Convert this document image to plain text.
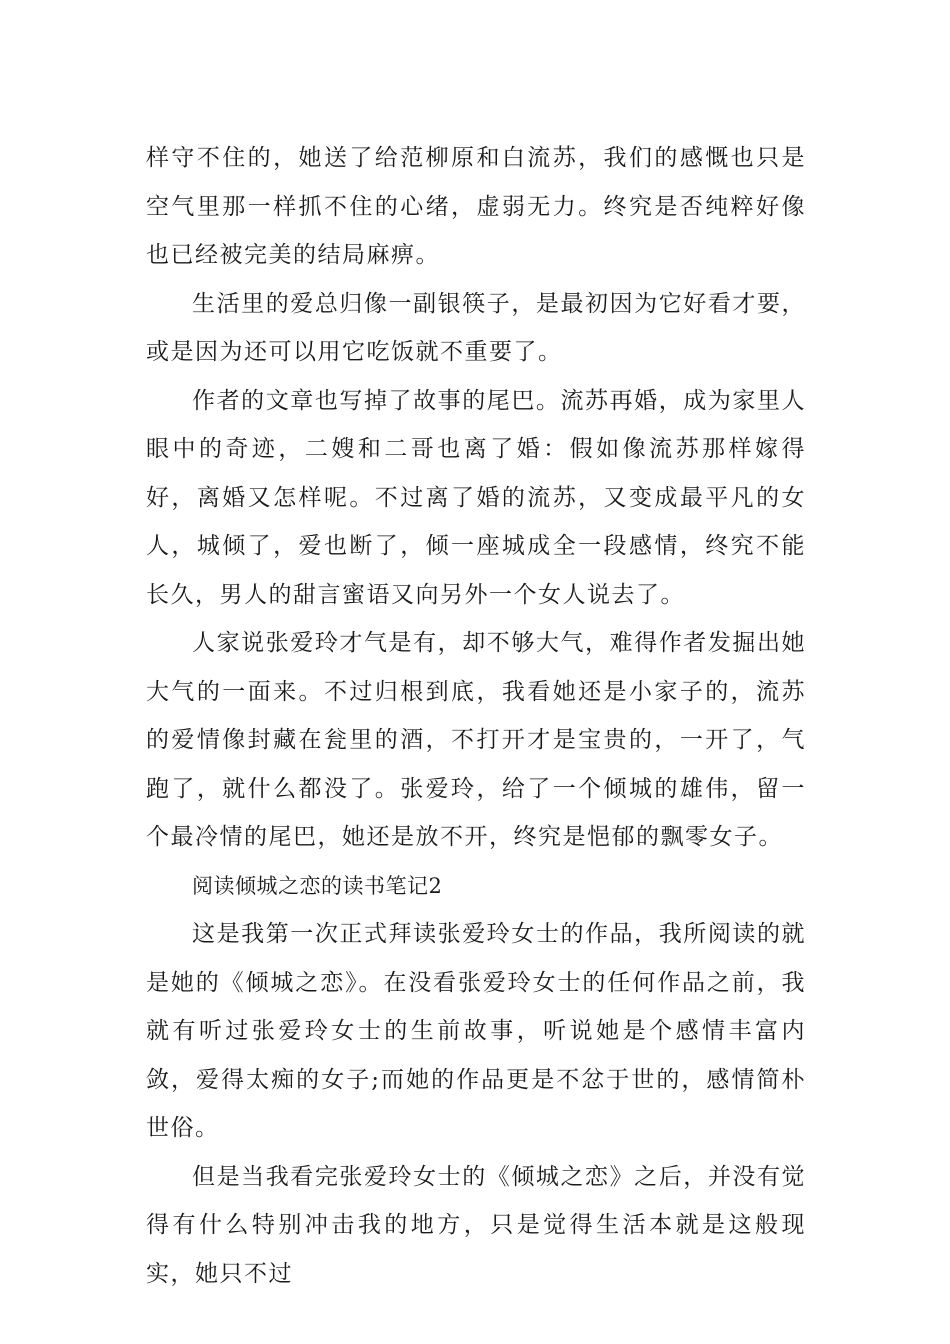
样守不住的，她送了给范柳原和白流苏，我们的感慨也只是空气里那一样抓不住的心绪，虚弱无力。终究是否纯粹好像也已经被完美的结局麻痹。

生活里的爱总归像一副银筷子，是最初因为它好看才要，或是因为还可以用它吃饭就不重要了。

作者的文章也写掉了故事的尾巴。流苏再婚，成为家里人眼中的奇迹，二嫂和二哥也离了婚：假如像流苏那样嫁得好，离婚又怎样呢。不过离了婚的流苏，又变成最平凡的女人，城倾了，爱也断了，倾一座城成全一段感情，终究不能长久，男人的甜言蜜语又向另外一个女人说去了。

人家说张爱玲才气是有，却不够大气，难得作者发掘出她大气的一面来。不过归根到底，我看她还是小家子的，流苏的爱情像封藏在瓮里的酒，不打开才是宝贵的，一开了，气跑了，就什么都没了。张爱玲，给了一个倾城的雄伟，留一个最冷情的尾巴，她还是放不开，终究是悒郁的飘零女子。

阅读倾城之恋的读书笔记2

这是我第一次正式拜读张爱玲女士的作品，我所阅读的就是她的《倾城之恋》。在没看张爱玲女士的任何作品之前，我就有听过张爱玲女士的生前故事，听说她是个感情丰富内敛，爱得太痴的女子;而她的作品更是不忿于世的，感情简朴世俗。

但是当我看完张爱玲女士的《倾城之恋》之后，并没有觉得有什么特别冲击我的地方，只是觉得生活本就是这般现实，她只不过
